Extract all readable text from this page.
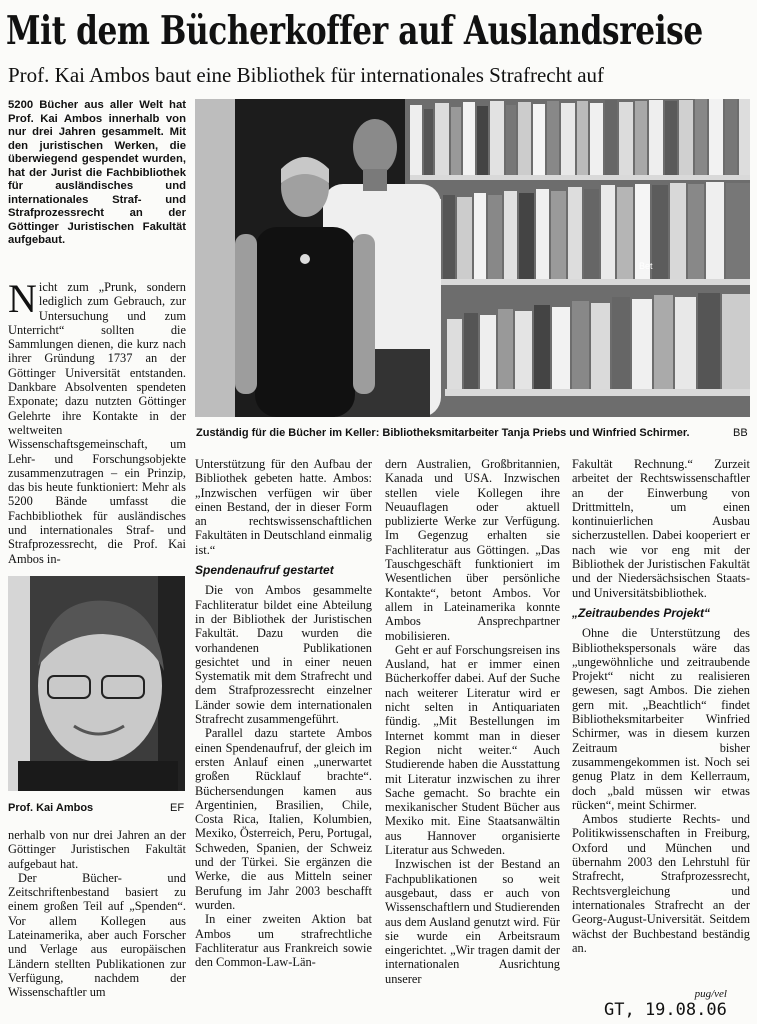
Mit dem Bücherkoffer auf Auslandsreise
Prof. Kai Ambos baut eine Bibliothek für internationales Strafrecht auf
5200 Bücher aus aller Welt hat Prof. Kai Ambos innerhalb von nur drei Jahren gesammelt. Mit den juristischen Werken, die überwiegend gespendet wurden, hat der Jurist die Fachbibliothek für ausländisches und internationales Straf- und Strafprozessrecht an der Göttinger Juristischen Fakultät aufgebaut.
Bet
Zuständig für die Bücher im Keller: Bibliotheksmitarbeiter Tanja Priebs und Winfried Schirmer.	BB

Nicht zum „Prunk, sondern lediglich zum Gebrauch, zur Untersuchung und zum Unterricht“ sollten die Sammlungen dienen, die kurz nach ihrer Gründung 1737 an der Göttinger Universität entstanden. Dankbare Absolventen spendeten Exponate; dazu nutzten Göttinger Gelehrte ihre Kontakte in der weltweiten Wissenschaftsgemeinschaft, um Lehr- und Forschungsobjekte zusammenzutragen – ein Prinzip, das bis heute funktioniert: Mehr als 5200 Bände umfasst die Fachbibliothek für ausländisches und internationales Straf- und Strafprozessrecht, die Prof. Kai Ambos in-

Prof. Kai Ambos	EF

nerhalb von nur drei Jahren an der Göttinger Juristischen Fakultät aufgebaut hat.

Der Bücher- und Zeitschriftenbestand basiert zu einem großen Teil auf „Spenden“. Vor allem Kollegen aus Lateinamerika, aber auch Forscher und Verlage aus europäischen Ländern stellten Publikationen zur Verfügung, nachdem der Wissenschaftler um

Unterstützung für den Aufbau der Bibliothek gebeten hatte. Ambos: „Inzwischen verfügen wir über einen Bestand, der in dieser Form an rechtswissenschaftlichen Fakultäten in Deutschland einmalig ist.“

Spendenaufruf gestartet

Die von Ambos gesammelte Fachliteratur bildet eine Abteilung in der Bibliothek der Juristischen Fakultät. Dazu wurden die vorhandenen Publikationen gesichtet und in einer neuen Systematik mit dem Strafrecht und dem Strafprozessrecht einzelner Länder sowie dem internationalen Strafrecht zusammengeführt.

Parallel dazu startete Ambos einen Spendenaufruf, der gleich im ersten Anlauf einen „unerwartet großen Rücklauf brachte“. Büchersendungen kamen aus Argentinien, Brasilien, Chile, Costa Rica, Italien, Kolumbien, Mexiko, Österreich, Peru, Portugal, Schweden, Spanien, der Schweiz und der Türkei. Sie ergänzen die Werke, die aus Mitteln seiner Berufung im Jahr 2003 beschafft wurden.

In einer zweiten Aktion bat Ambos um strafrechtliche Fachliteratur aus Frankreich sowie den Common-Law-Län-

dern Australien, Großbritannien, Kanada und USA. Inzwischen stellen viele Kollegen ihre Neuauflagen oder aktuell publizierte Werke zur Verfügung. Im Gegenzug erhalten sie Fachliteratur aus Göttingen. „Das Tauschgeschäft funktioniert im Wesentlichen über persönliche Kontakte“, betont Ambos. Vor allem in Lateinamerika konnte Ambos Ansprechpartner mobilisieren.

Geht er auf Forschungsreisen ins Ausland, hat er immer einen Bücherkoffer dabei. Auf der Suche nach weiterer Literatur wird er nicht selten in Antiquariaten fündig. „Mit Bestellungen im Internet kommt man in dieser Region nicht weiter.“ Auch Studierende haben die Ausstattung mit Literatur inzwischen zu ihrer Sache gemacht. So brachte ein mexikanischer Student Bücher aus Mexiko mit. Eine Staatsanwältin aus Hannover organisierte Literatur aus Schweden.

Inzwischen ist der Bestand an Fachpublikationen so weit ausgebaut, dass er auch von Wissenschaftlern und Studierenden aus dem Ausland genutzt wird. Für sie wurde ein Arbeitsraum eingerichtet. „Wir tragen damit der internationalen Ausrichtung unserer

Fakultät Rechnung.“ Zurzeit arbeitet der Rechtswissenschaftler an der Einwerbung von Drittmitteln, um einen kontinuierlichen Ausbau sicherzustellen. Dabei kooperiert er nach wie vor eng mit der Bibliothek der Juristischen Fakultät und der Niedersächsischen Staats- und Universitätsbibliothek.

„Zeitraubendes Projekt“

Ohne die Unterstützung des Bibliothekspersonals wäre das „ungewöhnliche und zeitraubende Projekt“ nicht zu realisieren gewesen, sagt Ambos. Die ziehen gern mit. „Beachtlich“ findet Bibliotheksmitarbeiter Winfried Schirmer, was in diesem kurzen Zeitraum bisher zusammengekommen ist. Noch sei genug Platz in dem Kellerraum, doch „bald müssen wir etwas rücken“, meint Schirmer.

Ambos studierte Rechts- und Politikwissenschaften in Freiburg, Oxford und München und übernahm 2003 den Lehrstuhl für Strafrecht, Strafprozessrecht, Rechtsvergleichung und internationales Strafrecht an der Georg-August-Universität. Seitdem wächst der Buchbestand beständig an.

pug/vel
GT, 19.08.06
